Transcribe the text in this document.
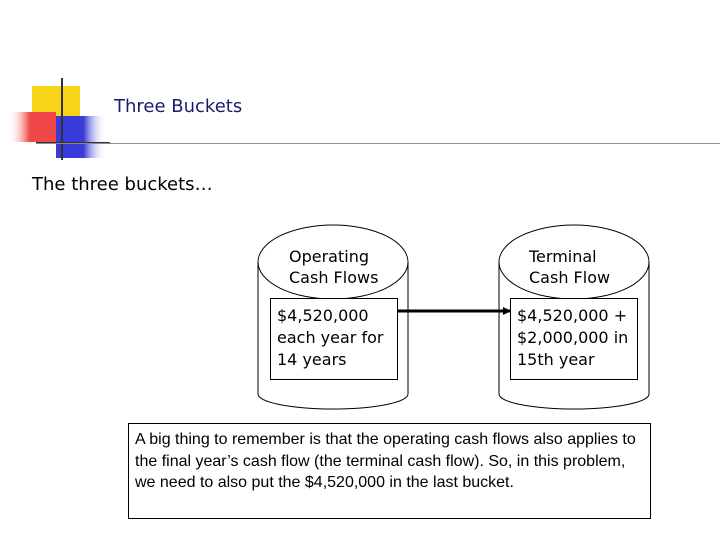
Three Buckets
The three buckets…
Operating
Cash Flows
$4,520,000
each year for
14 years
Terminal
Cash Flow
$4,520,000 +
$2,000,000 in
15th year
A big thing to remember is that the operating cash flows also applies to the final year’s cash flow (the terminal cash flow). So, in this problem, we need to also put the $4,520,000 in the last bucket.
